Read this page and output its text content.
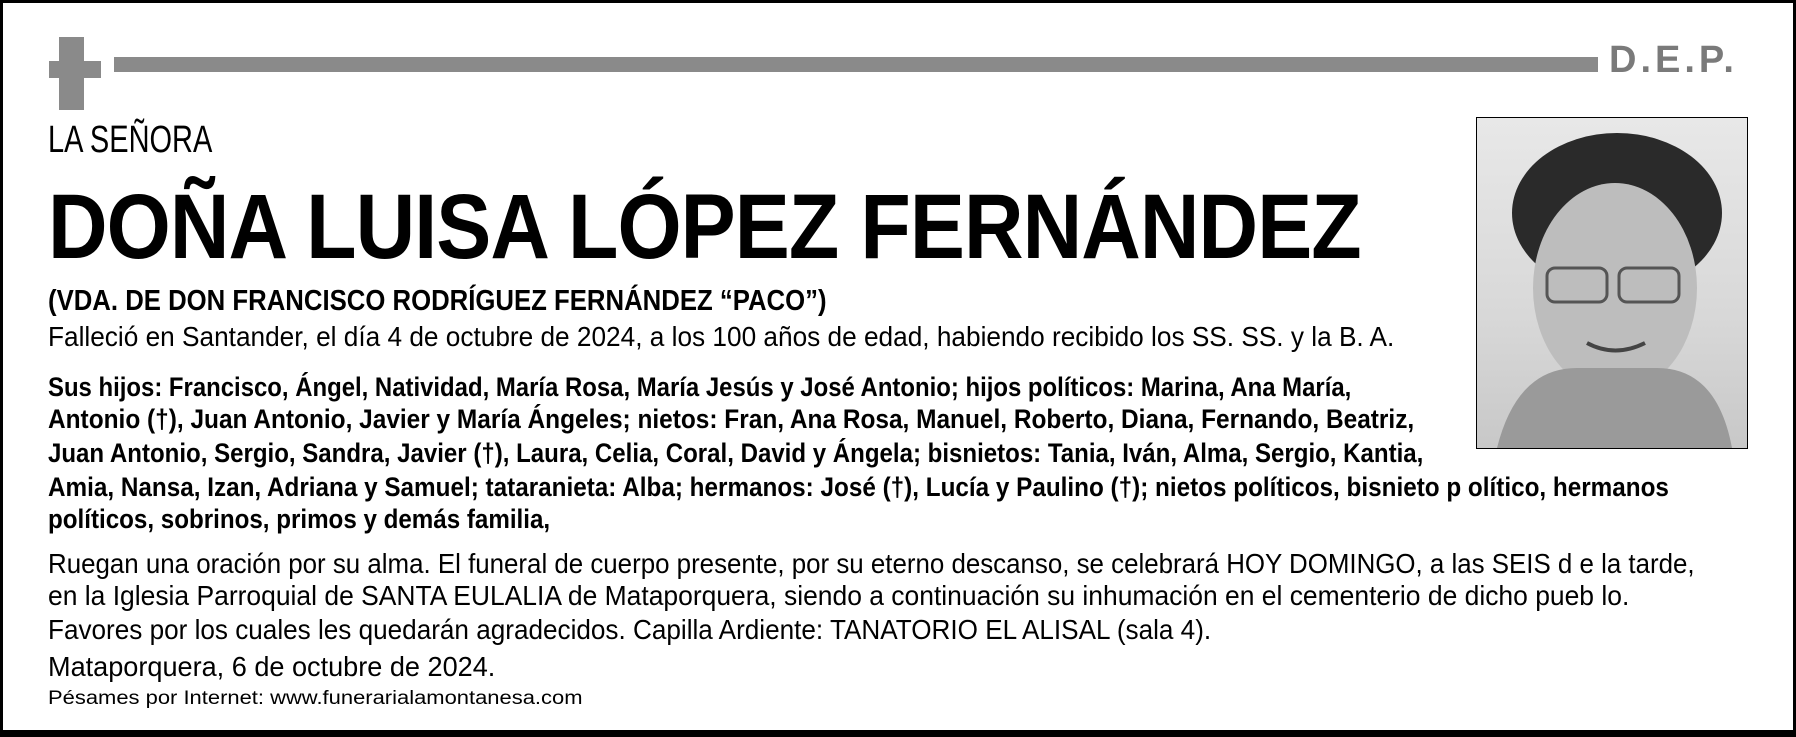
D.E.P.
LA SEÑORA
DOÑA LUISA LÓPEZ FERNÁNDEZ
(VDA. DE DON FRANCISCO RODRÍGUEZ FERNÁNDEZ “PACO”)
Falleció en Santander, el día 4 de octubre de 2024, a los 100 años de edad, habiendo recibido los SS. SS. y la B. A.
Sus hijos: Francisco, Ángel, Natividad, María Rosa, María Jesús y José Antonio; hijos políticos: Marina, Ana María,
Antonio (†), Juan Antonio, Javier y María Ángeles; nietos: Fran, Ana Rosa, Manuel, Roberto, Diana, Fernando, Beatriz,
Juan Antonio, Sergio, Sandra, Javier (†), Laura, Celia, Coral, David y Ángela; bisnietos: Tania, Iván, Alma, Sergio, Kantia,
Amia, Nansa, Izan, Adriana y Samuel; tataranieta: Alba; hermanos: José (†), Lucía y Paulino (†); nietos políticos, bisnieto p olítico, hermanos
políticos, sobrinos, primos y demás familia,
Ruegan una oración por su alma. El funeral de cuerpo presente, por su eterno descanso, se celebrará HOY DOMINGO, a las SEIS d e la tarde,
en la Iglesia Parroquial de SANTA EULALIA de Mataporquera, siendo a continuación su inhumación en el cementerio de dicho pueb lo.
Favores por los cuales les quedarán agradecidos. Capilla Ardiente: TANATORIO EL ALISAL (sala 4).
Mataporquera, 6 de octubre de 2024.
Pésames por Internet: www.funerarialamontanesa.com
